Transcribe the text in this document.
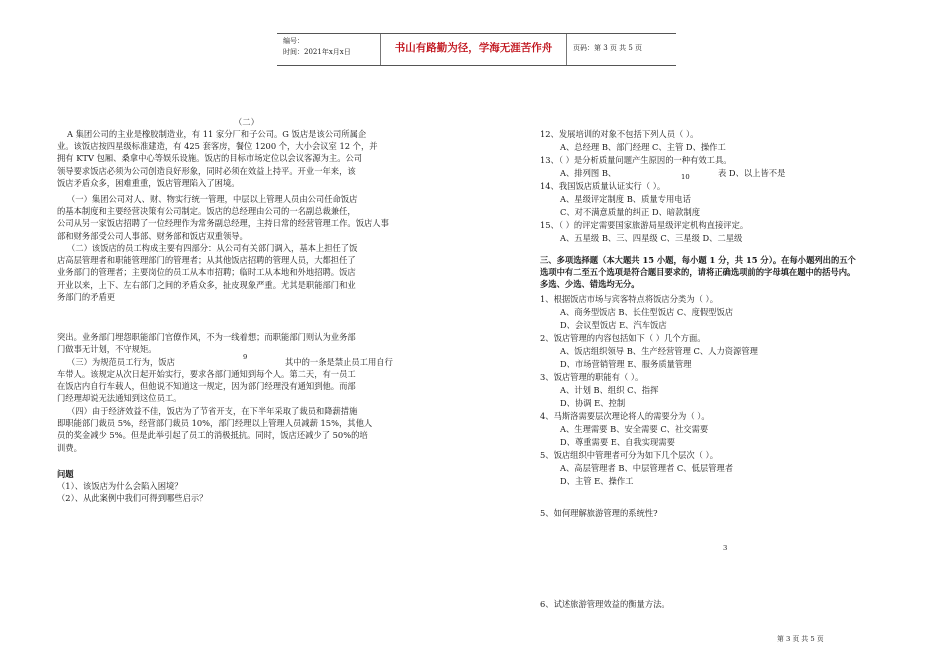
编号：
时间：2021年x月x日	书山有路勤为径，学海无涯苦作舟	页码：第 3 页 共 5 页
（二）
A 集团公司的主业是橡胶制造业，有 11 家分厂和子公司。G 饭店是该公司所属企
业。该饭店按四星级标准建造，有 425 套客房，餐位 1200 个，大小会议室 12 个，并
拥有 KTV 包厢、桑拿中心等娱乐设施。饭店的目标市场定位以会议客源为主。公司
领导要求饭店必须为公司创造良好形象，同时必须在效益上持平。开业一年来，该
饭店矛盾众多，困难重重，饭店管理陷入了困境。
（一）集团公司对人、财、物实行统一管理，中层以上管理人员由公司任命饭店
的基本制度和主要经营决策有公司制定。饭店的总经理由公司的一名副总裁兼任，
公司从另一家饭店招聘了一位经理作为常务副总经理，主持日常的经营管理工作。饭店人事
部和财务部受公司人事部、财务部和饭店双重领导。
（二）该饭店的员工构成主要有四部分：从公司有关部门调入，基本上担任了饭
店高层管理者和职能管理部门的管理者；从其他饭店招聘的管理人员，大都担任了
业务部门的管理者；主要岗位的员工从本市招聘；临时工从本地和外地招聘。饭店
开业以来，上下、左右部门之间的矛盾众多，扯皮现象严重。尤其是职能部门和业
务部门的矛盾更
突出。业务部门埋怨职能部门官僚作风，不为一线着想；而职能部门则认为业务部
门做事无计划，不守规矩。
（三）为规范员工行为，饭店	9	其中的一条是禁止员工用自行
车带人。该规定从次日起开始实行，要求各部门通知到每个人。第二天，有一员工
在饭店内自行车载人，但他说不知道这一规定，因为部门经理没有通知到他。而部
门经理却说无法通知到这位员工。
（四）由于经济效益不佳，饭店为了节省开支，在下半年采取了裁员和降薪措施
即职能部门裁员 5%，经营部门裁员 10%，部门经理以上管理人员减薪 15%，其他人
员的奖金减少 5%。但是此举引起了员工的消极抵抗。同时，饭店还减少了 50%的培
训费。
问题
（1）、该饭店为什么会陷入困境？
（2）、从此案例中我们可得到哪些启示？
12、发展培训的对象不包括下列人员（ ）。
A、总经理 B、部门经理 C、主管 D、操作工
13、（ ）是分析质量问题产生原因的一种有效工具。
A、排列图 B、	10	表 D、以上皆不是
14、我国饭店质量认证实行（ ）。
A、星级评定制度 B、质量专用电话
C、对不满意质量的纠正 D、暗款制度
15、（ ）的评定需要国家旅游局星级评定机构直接评定。
A、五星级 B、三、四星级 C、三星级 D、二星级
三、多项选择题（本大题共 15 小题，每小题 1 分，共 15 分）。在每小题列出的五个
选项中有二至五个选项是符合题目要求的，请将正确选项前的字母填在题中的括号内。
多选、少选、错选均无分。
1、根据饭店市场与宾客特点将饭店分类为（ ）。
A、商务型饭店 B、长住型饭店 C、度假型饭店
D、会议型饭店 E、汽车饭店
2、饭店管理的内容包括如下（ ）几个方面。
A、饭店组织领导 B、生产经营管理 C、人力资源管理
D、市场营销管理 E、服务质量管理
3、饭店管理的职能有（ ）。
A、计划 B、组织 C、指挥
D、协调 E、控制
4、马斯洛需要层次理论将人的需要分为（ ）。
A、生理需要 B、安全需要 C、社交需要
D、尊重需要 E、自我实现需要
5、饭店组织中管理者可分为如下几个层次（ ）。
A、高层管理者 B、中层管理者 C、低层管理者
D、主管 E、操作工
5、如何理解旅游管理的系统性?
3
6、试述旅游管理效益的衡量方法。
第 3 页 共 5 页
